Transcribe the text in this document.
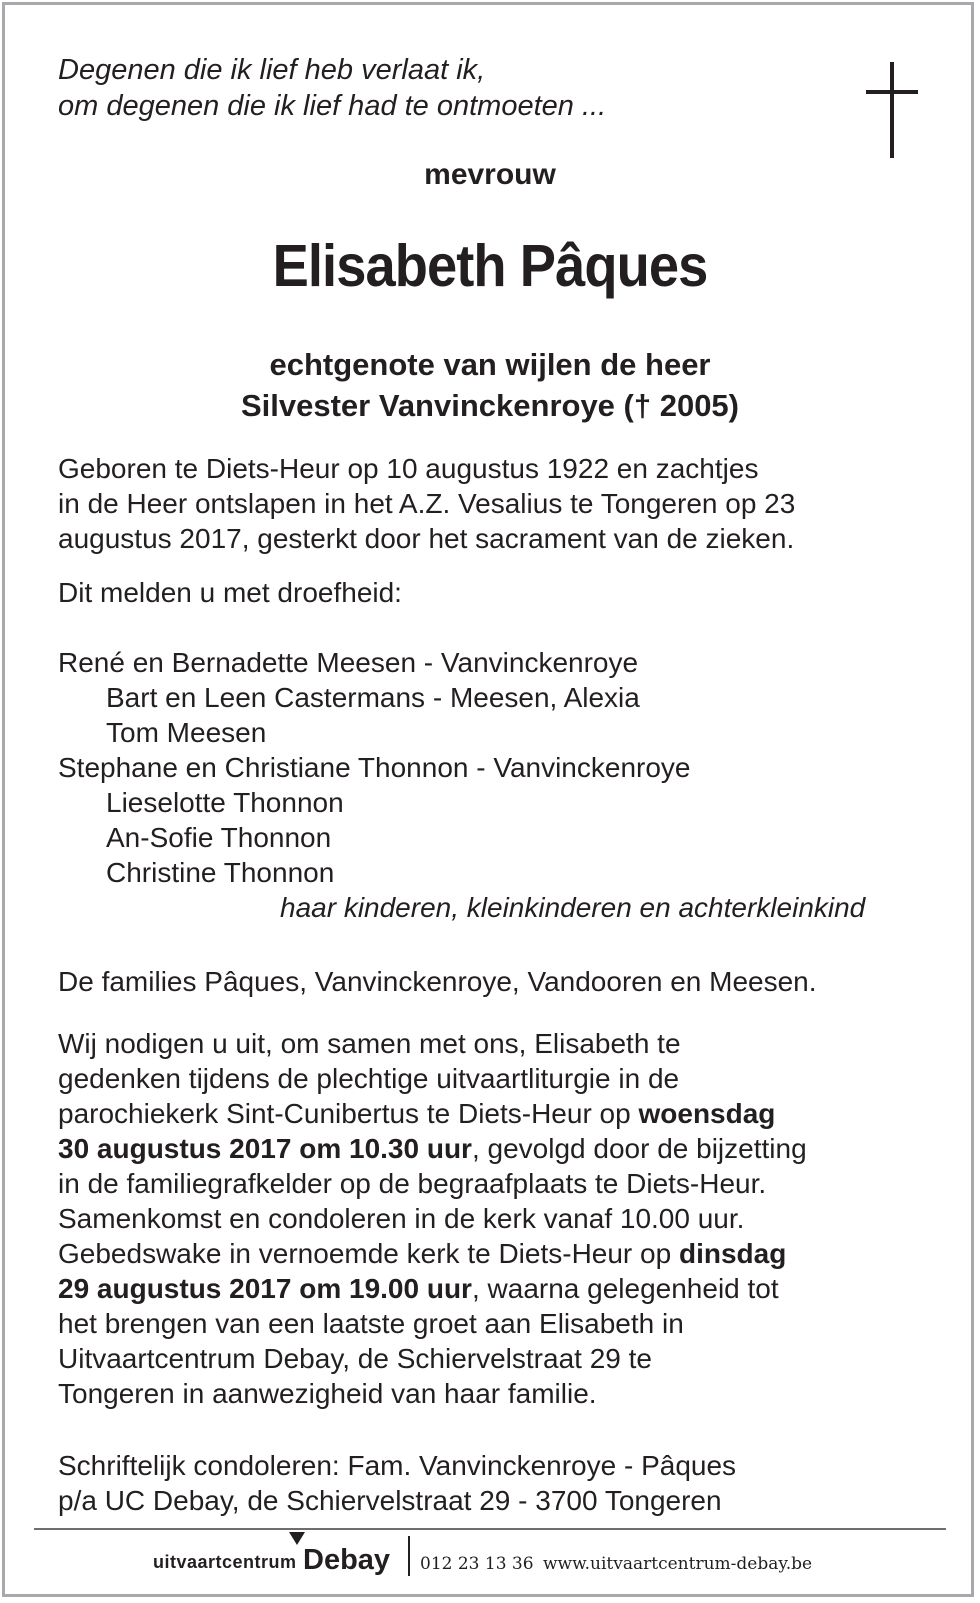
Degenen die ik lief heb verlaat ik,
om degenen die ik lief had te ontmoeten ...
mevrouw
Elisabeth Pâques
echtgenote van wijlen de heer
Silvester Vanvinckenroye († 2005)
Geboren te Diets-Heur op 10 augustus 1922 en zachtjes
in de Heer ontslapen in het A.Z. Vesalius te Tongeren op 23
augustus 2017, gesterkt door het sacrament van de zieken.
Dit melden u met droefheid:
René en Bernadette Meesen - Vanvinckenroye
Bart en Leen Castermans - Meesen, Alexia
Tom Meesen
Stephane en Christiane Thonnon - Vanvinckenroye
Lieselotte Thonnon
An-Sofie Thonnon
Christine Thonnon
haar kinderen, kleinkinderen en achterkleinkind
De families Pâques, Vanvinckenroye, Vandooren en Meesen.
Wij nodigen u uit, om samen met ons, Elisabeth te
gedenken tijdens de plechtige uitvaartliturgie in de
parochiekerk Sint-Cunibertus te Diets-Heur op woensdag
30 augustus 2017 om 10.30 uur, gevolgd door de bijzetting
in de familiegrafkelder op de begraafplaats te Diets-Heur.
Samenkomst en condoleren in de kerk vanaf 10.00 uur.
Gebedswake in vernoemde kerk te Diets-Heur op dinsdag
29 augustus 2017 om 19.00 uur, waarna gelegenheid tot
het brengen van een laatste groet aan Elisabeth in
Uitvaartcentrum Debay, de Schiervelstraat 29 te
Tongeren in aanwezigheid van haar familie.
Schriftelijk condoleren: Fam. Vanvinckenroye - Pâques
p/a UC Debay, de Schiervelstraat 29 - 3700 Tongeren
uitvaartcentrum Debay 012 23 13 36 www.uitvaartcentrum-debay.be
